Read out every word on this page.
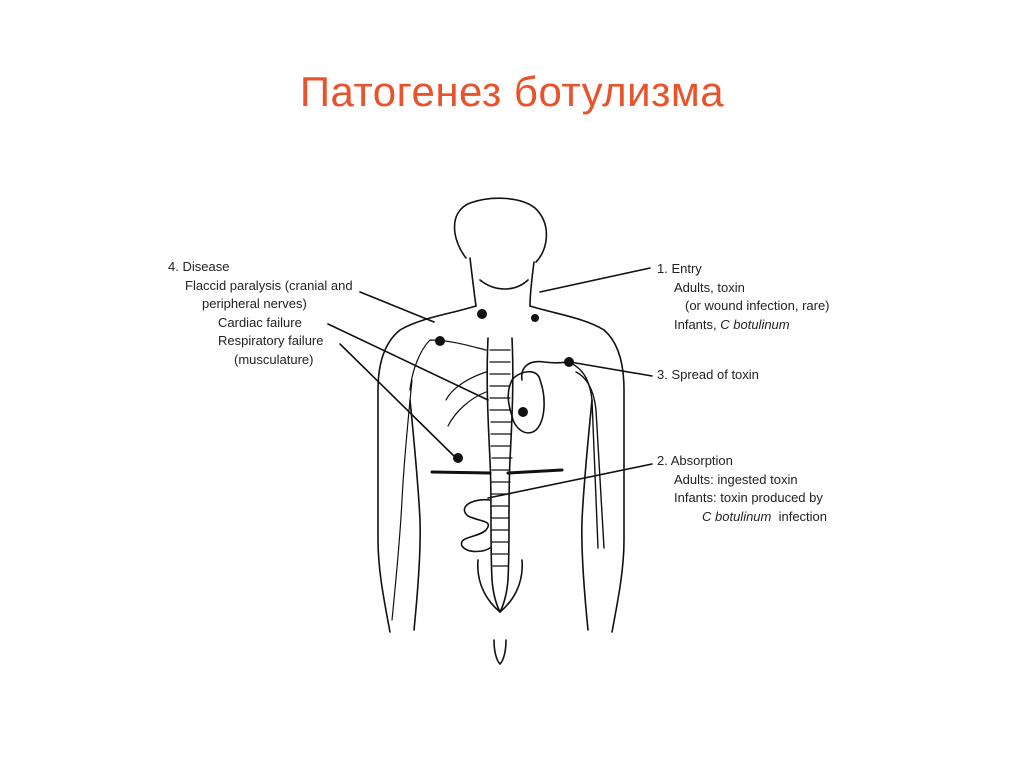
Патогенез ботулизма
4. Disease
Flaccid paralysis (cranial and
peripheral nerves)
Cardiac failure
Respiratory failure
(musculature)
1. Entry
Adults, toxin
(or wound infection, rare)
Infants, C botulinum
3. Spread of toxin
2. Absorption
Adults: ingested toxin
Infants: toxin produced by
C botulinum  infection
